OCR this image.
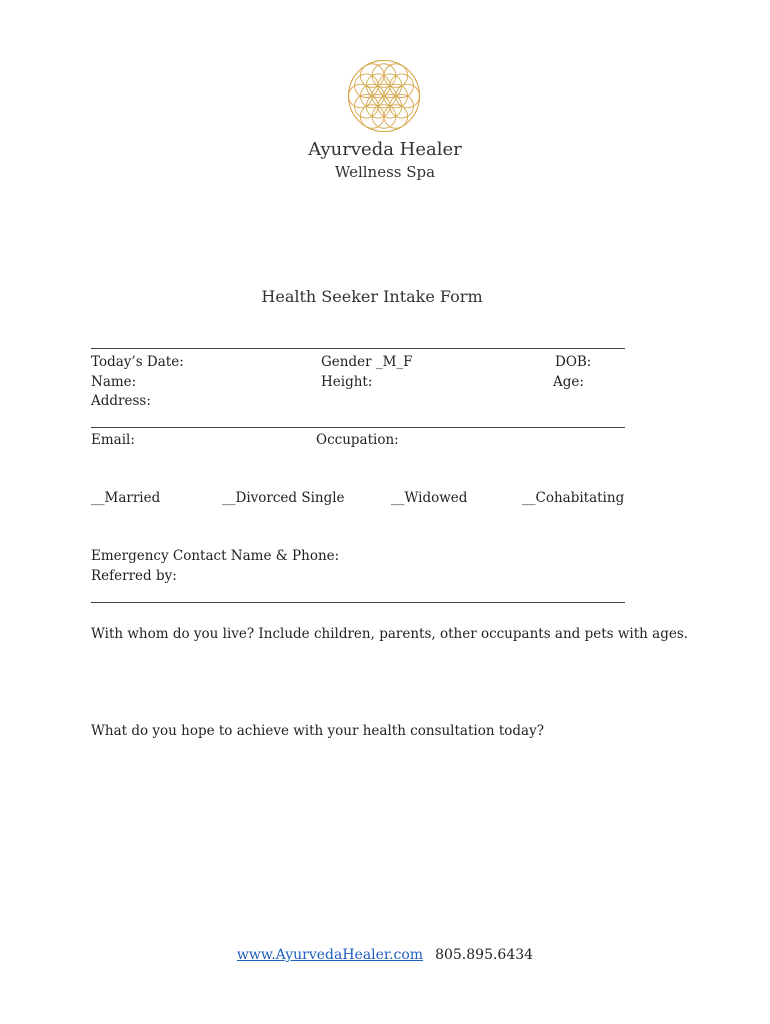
Ayurveda Healer
Wellness Spa
Health Seeker Intake Form
Today’s Date:	Gender _M_F	DOB:
Name:	Height:	Age:
Address:
Email:	Occupation:
__Married	__Divorced Single	__Widowed	__Cohabitating
Emergency Contact Name & Phone:
Referred by:
With whom do you live? Include children, parents, other occupants and pets with ages.
What do you hope to achieve with your health consultation today?
www.AyurvedaHealer.com 805.895.6434
